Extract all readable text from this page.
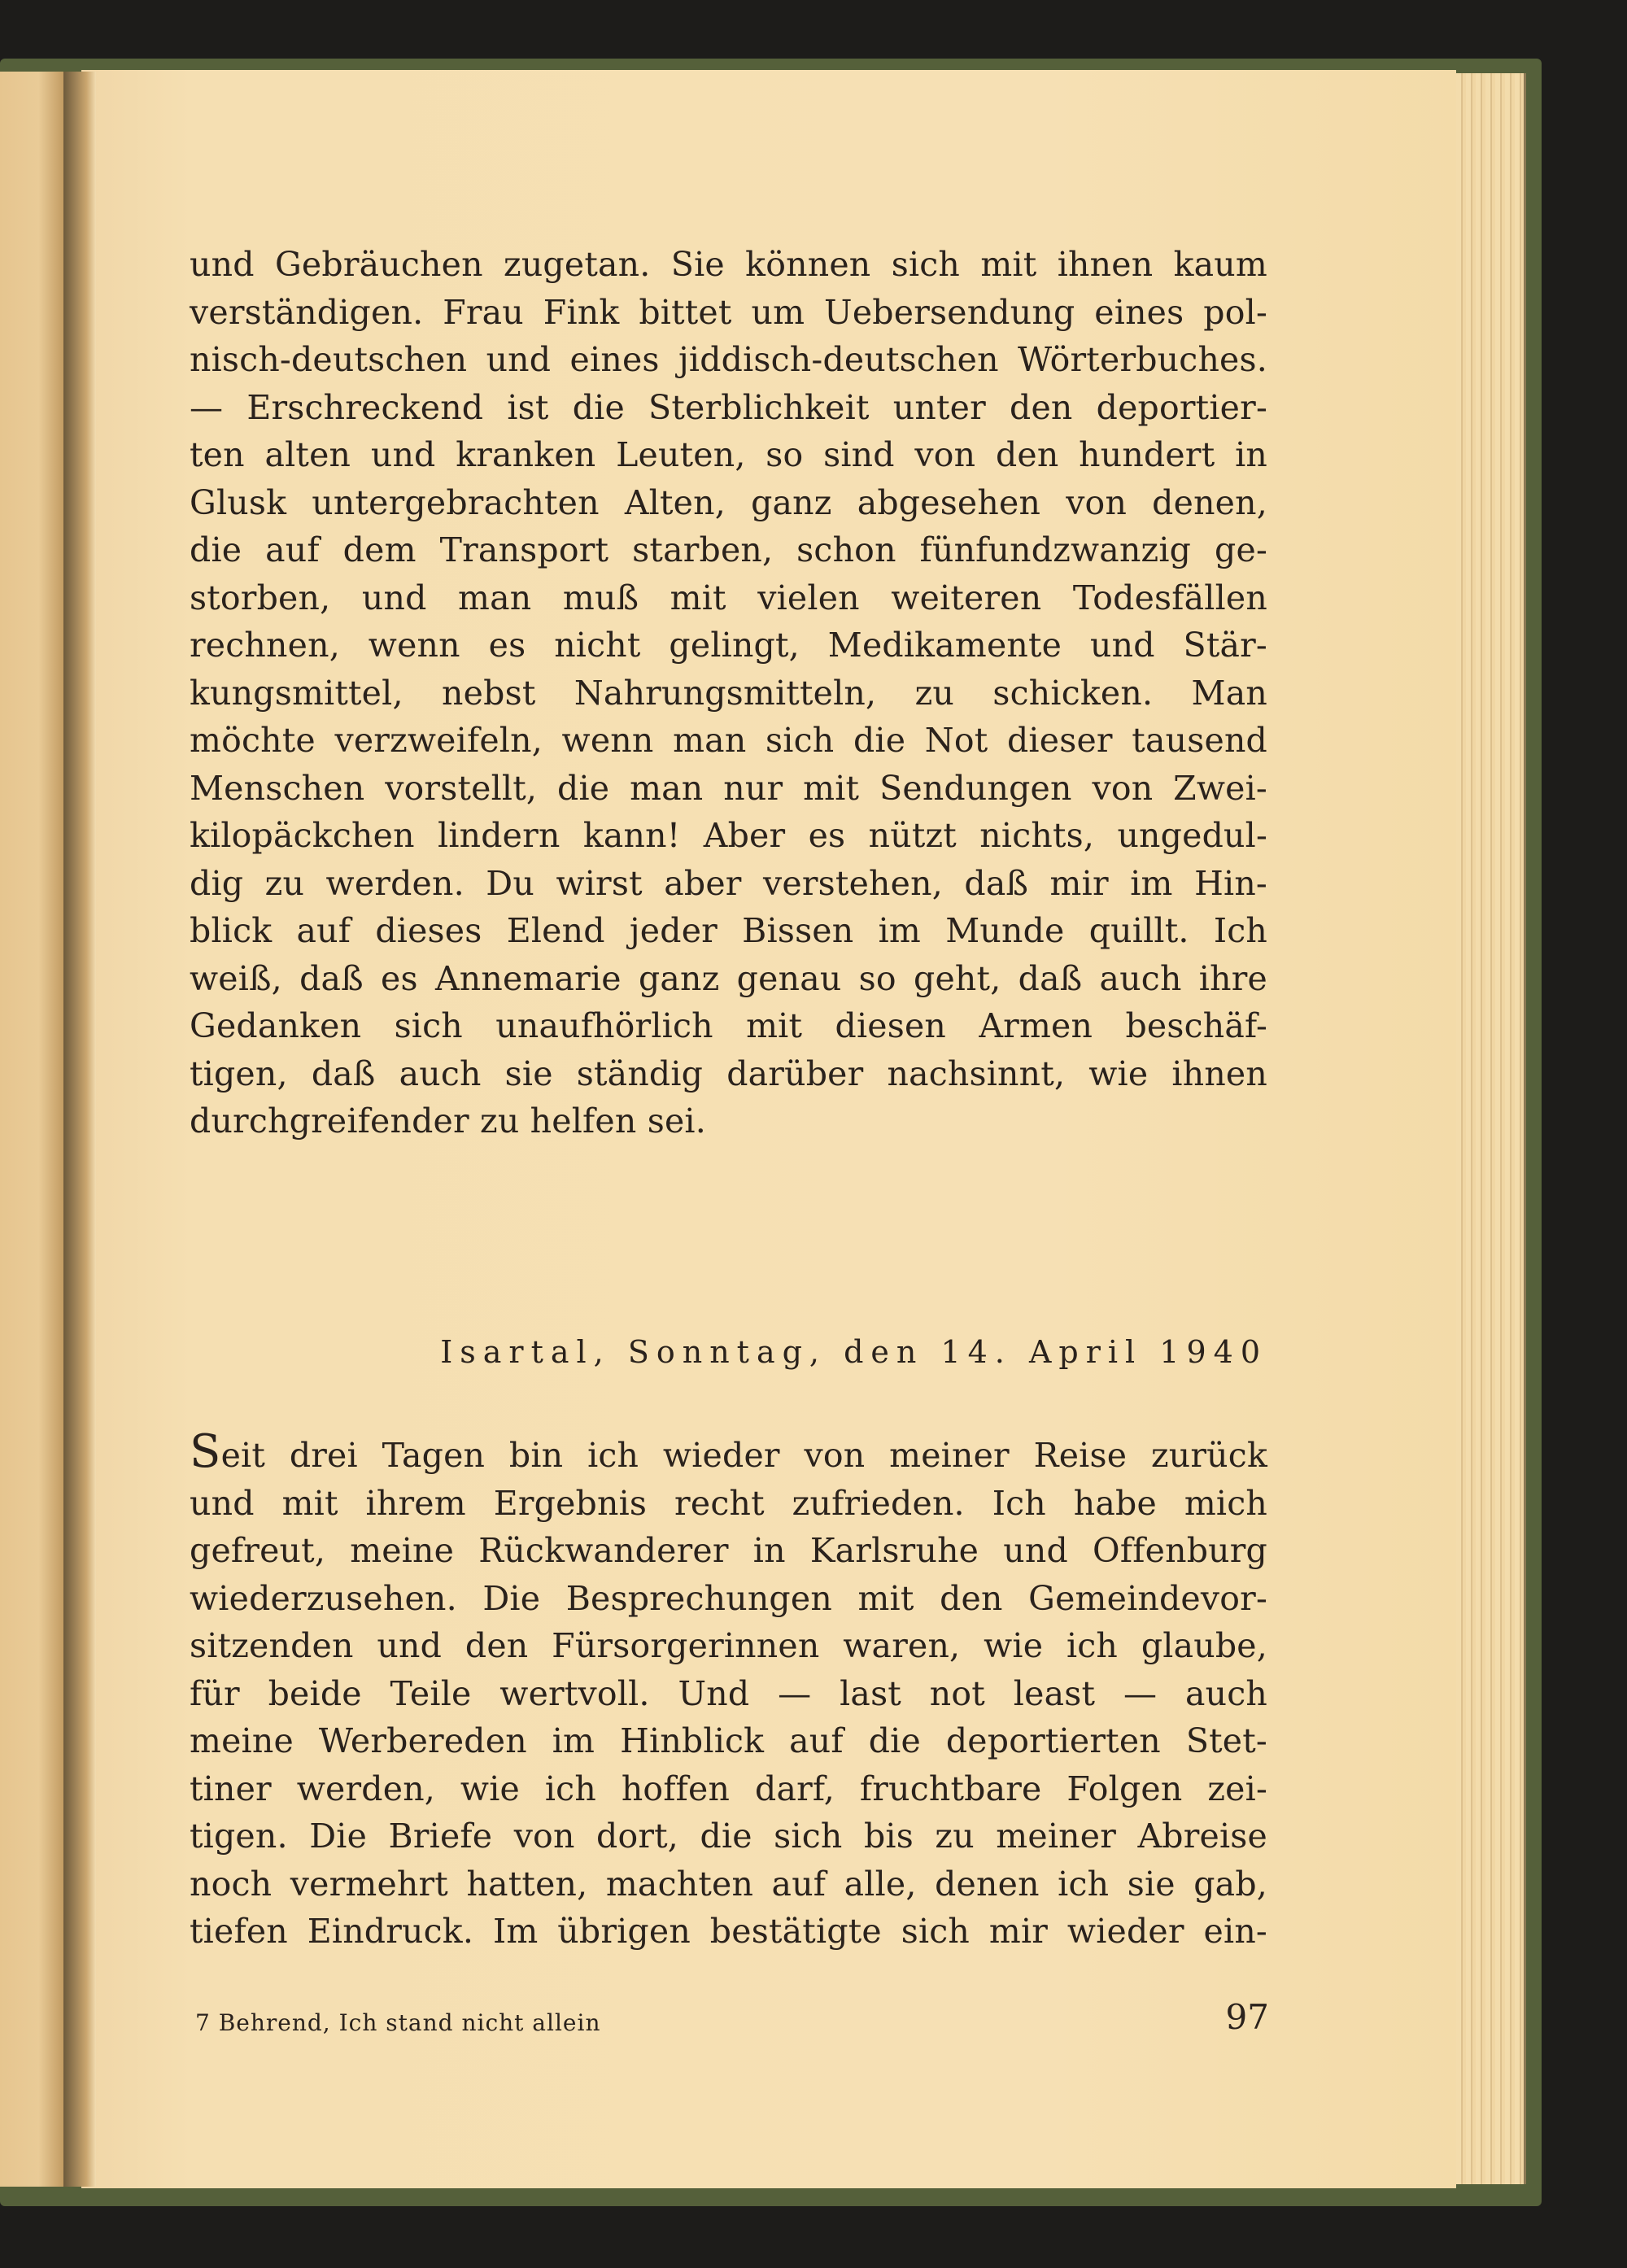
und Gebräuchen zugetan. Sie können sich mit ihnen kaum
verständigen. Frau Fink bittet um Uebersendung eines pol-
nisch-deutschen und eines jiddisch-deutschen Wörterbuches.
— Erschreckend ist die Sterblichkeit unter den deportier-
ten alten und kranken Leuten, so sind von den hundert in
Glusk untergebrachten Alten, ganz abgesehen von denen,
die auf dem Transport starben, schon fünfundzwanzig ge-
storben, und man muß mit vielen weiteren Todesfällen
rechnen, wenn es nicht gelingt, Medikamente und Stär-
kungsmittel, nebst Nahrungsmitteln, zu schicken. Man
möchte verzweifeln, wenn man sich die Not dieser tausend
Menschen vorstellt, die man nur mit Sendungen von Zwei-
kilopäckchen lindern kann! Aber es nützt nichts, ungedul-
dig zu werden. Du wirst aber verstehen, daß mir im Hin-
blick auf dieses Elend jeder Bissen im Munde quillt. Ich
weiß, daß es Annemarie ganz genau so geht, daß auch ihre
Gedanken sich unaufhörlich mit diesen Armen beschäf-
tigen, daß auch sie ständig darüber nachsinnt, wie ihnen
durchgreifender zu helfen sei.
Isartal, Sonntag, den 14. April 1940
Seit drei Tagen bin ich wieder von meiner Reise zurück
und mit ihrem Ergebnis recht zufrieden. Ich habe mich
gefreut, meine Rückwanderer in Karlsruhe und Offenburg
wiederzusehen. Die Besprechungen mit den Gemeindevor-
sitzenden und den Fürsorgerinnen waren, wie ich glaube,
für beide Teile wertvoll. Und — last not least — auch
meine Werbereden im Hinblick auf die deportierten Stet-
tiner werden, wie ich hoffen darf, fruchtbare Folgen zei-
tigen. Die Briefe von dort, die sich bis zu meiner Abreise
noch vermehrt hatten, machten auf alle, denen ich sie gab,
tiefen Eindruck. Im übrigen bestätigte sich mir wieder ein-
7 Behrend, Ich stand nicht allein	97
